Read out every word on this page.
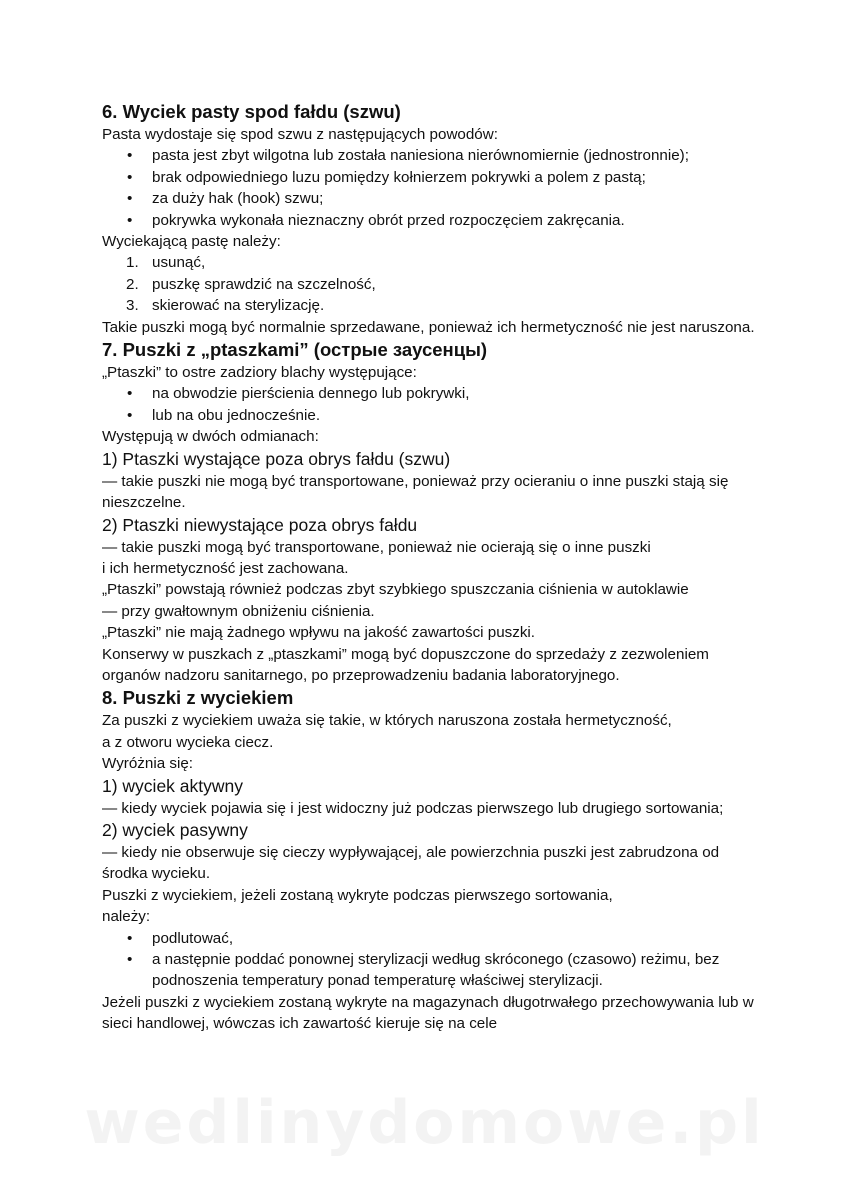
6. Wyciek pasty spod fałdu (szwu)

Pasta wydostaje się spod szwu z następujących powodów:

• pasta jest zbyt wilgotna lub została naniesiona nierównomiernie (jednostronnie);
• brak odpowiedniego luzu pomiędzy kołnierzem pokrywki a polem z pastą;
• za duży hak (hook) szwu;
• pokrywka wykonała nieznaczny obrót przed rozpoczęciem zakręcania.

Wyciekającą pastę należy:

1. usunąć,
2. puszkę sprawdzić na szczelność,
3. skierować na sterylizację.

Takie puszki mogą być normalnie sprzedawane, ponieważ ich hermetyczność nie jest naruszona.

7. Puszki z „ptaszkami” (острые заусенцы)

„Ptaszki” to ostre zadziory blachy występujące:

• na obwodzie pierścienia dennego lub pokrywki,
• lub na obu jednocześnie.

Występują w dwóch odmianach:

1) Ptaszki wystające poza obrys fałdu (szwu)

— takie puszki nie mogą być transportowane, ponieważ przy ocieraniu o inne puszki stają się nieszczelne.

2) Ptaszki niewystające poza obrys fałdu

— takie puszki mogą być transportowane, ponieważ nie ocierają się o inne puszki

i ich hermetyczność jest zachowana.

„Ptaszki” powstają również podczas zbyt szybkiego spuszczania ciśnienia w autoklawie

— przy gwałtownym obniżeniu ciśnienia.

„Ptaszki” nie mają żadnego wpływu na jakość zawartości puszki.

Konserwy w puszkach z „ptaszkami” mogą być dopuszczone do sprzedaży z zezwoleniem organów nadzoru sanitarnego, po przeprowadzeniu badania laboratoryjnego.

8. Puszki z wyciekiem

Za puszki z wyciekiem uważa się takie, w których naruszona została hermetyczność,

a z otworu wycieka ciecz.

Wyróżnia się:

1) wyciek aktywny

— kiedy wyciek pojawia się i jest widoczny już podczas pierwszego lub drugiego sortowania;

2) wyciek pasywny

— kiedy nie obserwuje się cieczy wypływającej, ale powierzchnia puszki jest zabrudzona od środka wycieku.

Puszki z wyciekiem, jeżeli zostaną wykryte podczas pierwszego sortowania,

należy:

• podlutować,
• a następnie poddać ponownej sterylizacji według skróconego (czasowo) reżimu, bez podnoszenia temperatury ponad temperaturę właściwej sterylizacji.

Jeżeli puszki z wyciekiem zostaną wykryte na magazynach długotrwałego przechowywania lub w sieci handlowej, wówczas ich zawartość kieruje się na cele

wedlinydomowe.pl
